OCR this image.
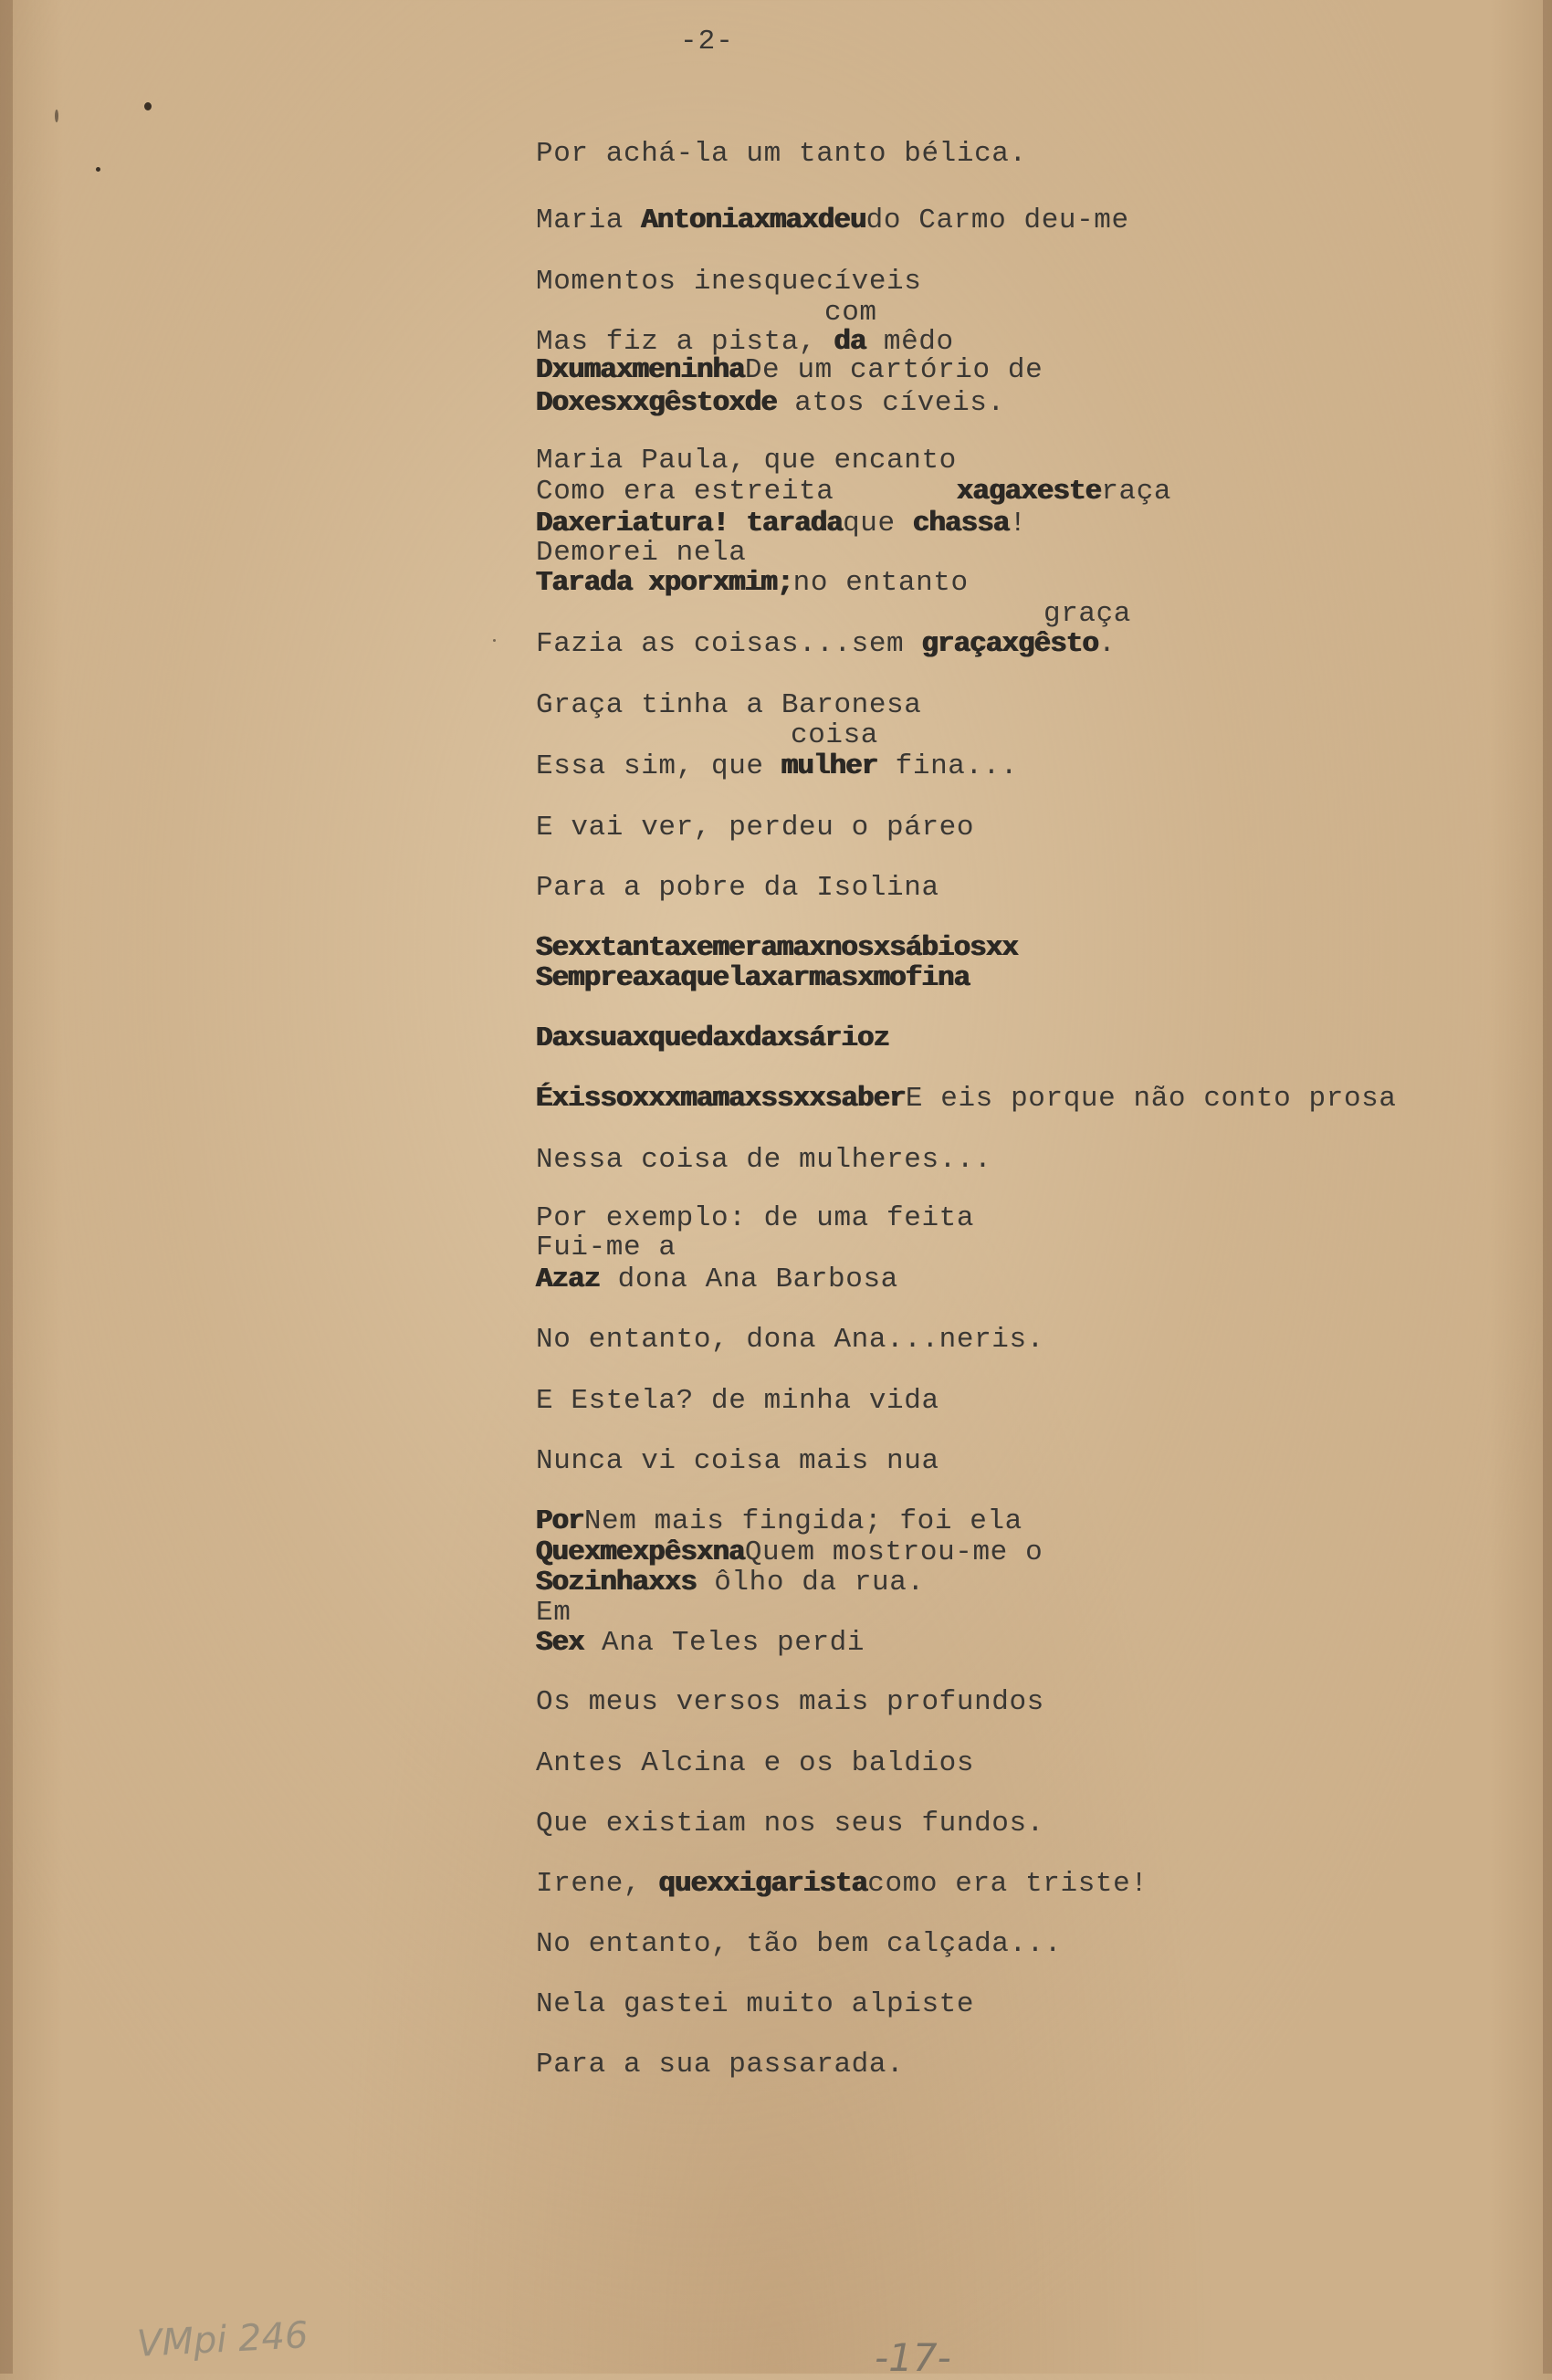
-2-
Por achá-la um tanto bélica.
Maria Antoniaxmaxdeudo Carmo deu-me
Momentos inesquecíveis
com
Mas fiz a pista, da mêdo
DxumaxmeninhaDe um cartório de
Doxesxxgêstoxde atos cíveis.
Maria Paula, que encanto
Como era estreita       xagaxesteraça
Daxeriatura! taradaque chassa!
Demorei nela
Tarada xporxmim;no entanto
graça
Fazia as coisas...sem graçaxgêsto.
Graça tinha a Baronesa
coisa
Essa sim, que mulher fina...
E vai ver, perdeu o páreo
Para a pobre da Isolina
Sexxtantaxemeramaxnosxsábiosxx
Sempreaxaquelaxarmasxmofina
Daxsuaxquedaxdaxsárioz
ÉxissoxxxmamaxssxxsaberE eis porque não conto prosa
Nessa coisa de mulheres...
Por exemplo: de uma feita
Fui-me a
Azaz dona Ana Barbosa
No entanto, dona Ana...neris.
E Estela? de minha vida
Nunca vi coisa mais nua
PorNem mais fingida; foi ela
QuexmexpêsxnaQuem mostrou-me o
Sozinhaxxs ôlho da rua.
Em
Sex Ana Teles perdi
Os meus versos mais profundos
Antes Alcina e os baldios
Que existiam nos seus fundos.
Irene, quexxigaristacomo era triste!
No entanto, tão bem calçada...
Nela gastei muito alpiste
Para a sua passarada.
VMpi 246	-17-
